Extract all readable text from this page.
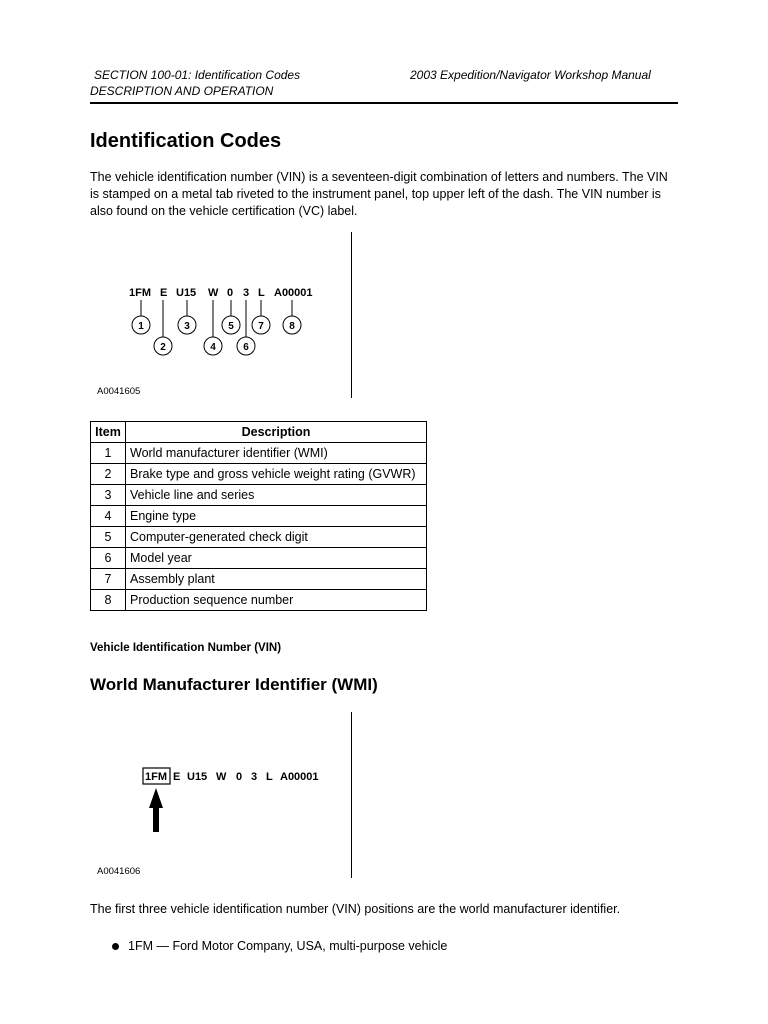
SECTION 100-01: Identification Codes	2003 Expedition/Navigator Workshop Manual
DESCRIPTION AND OPERATION
Identification Codes

The vehicle identification number (VIN) is a seventeen-digit combination of letters and numbers. The VIN is stamped on a metal tab riveted to the instrument panel, top upper left of the dash. The VIN number is also found on the vehicle certification (VC) label.

1FM E U15 W 0 3 L A00001
1
2
3
4
5
6
7	8
A0041605
Item	Description
1	World manufacturer identifier (WMI)
2	Brake type and gross vehicle weight rating (GVWR)
3	Vehicle line and series
4	Engine type
5	Computer-generated check digit
6	Model year
7	Assembly plant
8	Production sequence number

Vehicle Identification Number (VIN)

World Manufacturer Identifier (WMI)
1FM E U15 W 0 3 L A00001
A0041606

The first three vehicle identification number (VIN) positions are the world manufacturer identifier.

1FM — Ford Motor Company, USA, multi-purpose vehicle
